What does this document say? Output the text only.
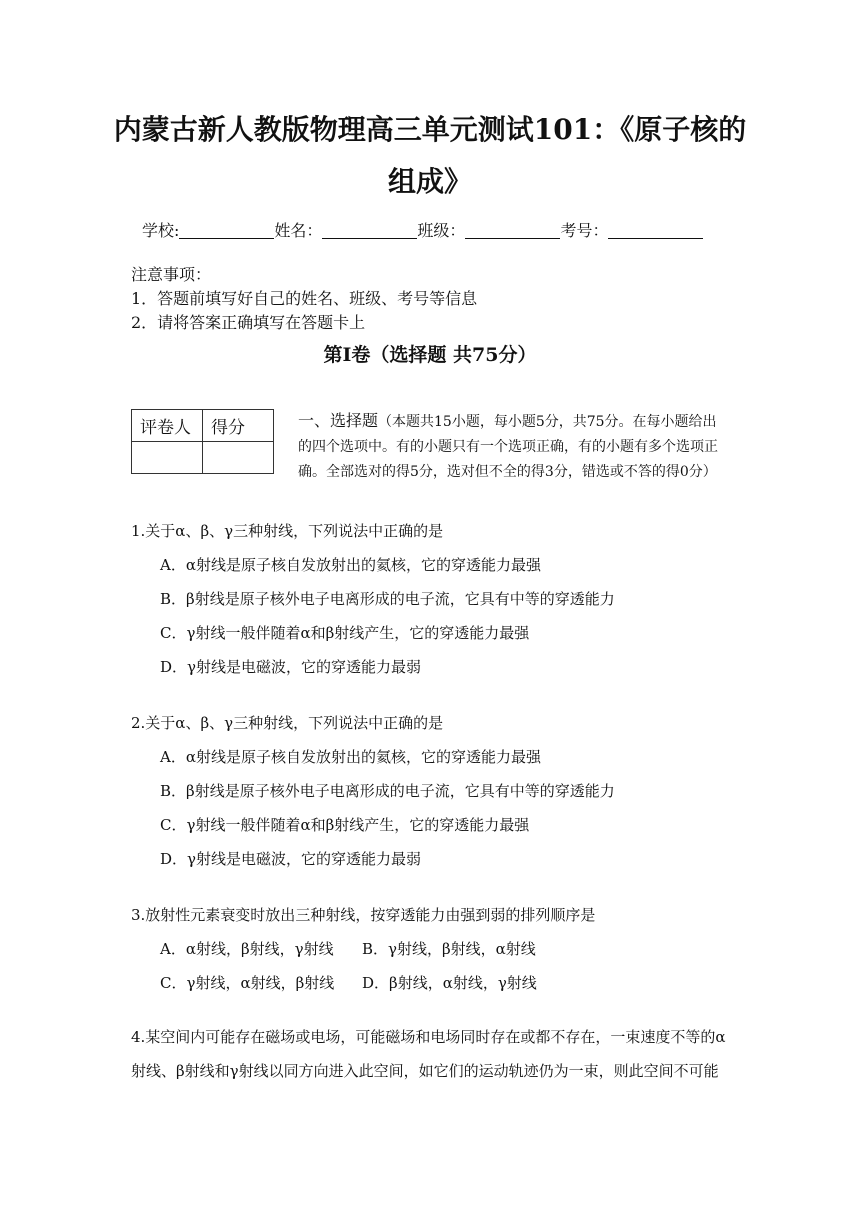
内蒙古新人教版物理高三单元测试101：《原子核的
组成》
学校:	姓名：	班级：	考号：
注意事项：
1．答题前填写好自己的姓名、班级、考号等信息
2．请将答案正确填写在答题卡上
第I卷（选择题 共75分）
评卷人	得分
		一、选择题（本题共15小题，每小题5分，共75分。在每小题给出的四个选项中。有的小题只有一个选项正确，有的小题有多个选项正确。全部选对的得5分，选对但不全的得3分，错选或不答的得0分）
1.关于α、β、γ三种射线，下列说法中正确的是
A．α射线是原子核自发放射出的氦核，它的穿透能力最强
B．β射线是原子核外电子电离形成的电子流，它具有中等的穿透能力
C．γ射线一般伴随着α和β射线产生，它的穿透能力最强
D．γ射线是电磁波，它的穿透能力最弱
2.关于α、β、γ三种射线，下列说法中正确的是
A．α射线是原子核自发放射出的氦核，它的穿透能力最强
B．β射线是原子核外电子电离形成的电子流，它具有中等的穿透能力
C．γ射线一般伴随着α和β射线产生，它的穿透能力最强
D．γ射线是电磁波，它的穿透能力最弱
3.放射性元素衰变时放出三种射线，按穿透能力由强到弱的排列顺序是
A．α射线，β射线，γ射线 B．γ射线，β射线，α射线
C．γ射线，α射线，β射线 D．β射线，α射线，γ射线
4.某空间内可能存在磁场或电场，可能磁场和电场同时存在或都不存在，一束速度不等的α射线、β射线和γ射线以同方向进入此空间，如它们的运动轨迹仍为一束，则此空间不可能
